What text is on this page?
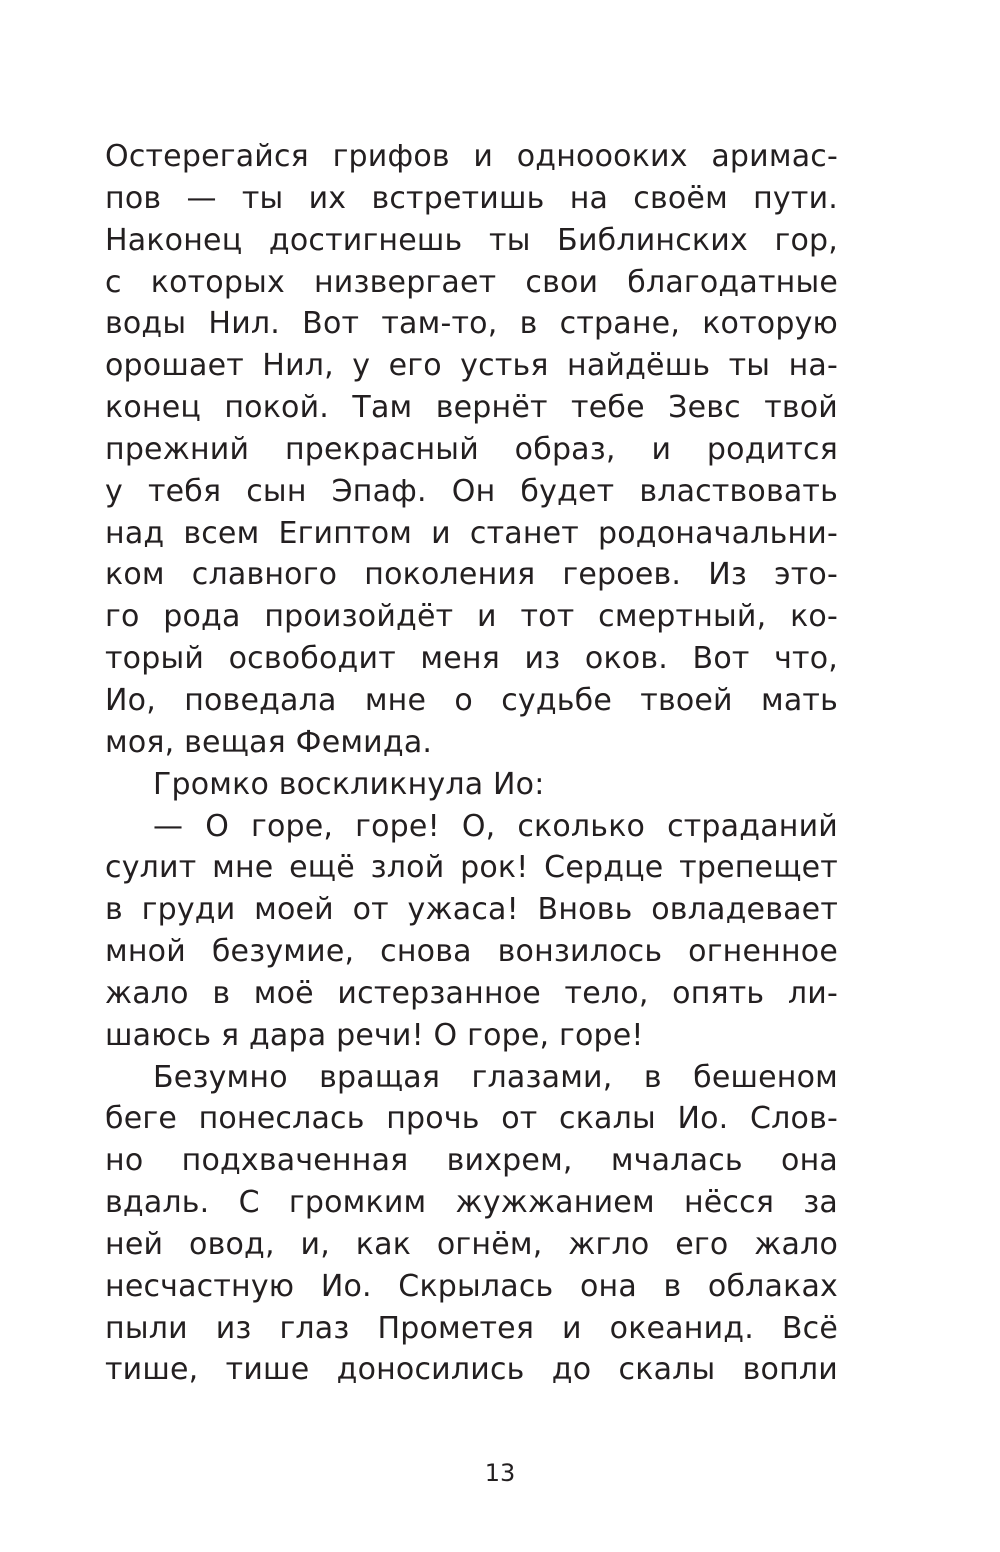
Остерегайся грифов и одноооких аримас-
пов — ты их встретишь на своём пути.
Наконец достигнешь ты Библинских гор,
с которых низвергает свои благодатные
воды Нил. Вот там-то, в стране, которую
орошает Нил, у его устья найдёшь ты на-
конец покой. Там вернёт тебе Зевс твой
прежний прекрасный образ, и родится
у тебя сын Эпаф. Он будет властвовать
над всем Египтом и станет родоначальни-
ком славного поколения героев. Из это-
го рода произойдёт и тот смертный, ко-
торый освободит меня из оков. Вот что,
Ио, поведала мне о судьбе твоей мать
моя, вещая Фемида.
Громко воскликнула Ио:
— О горе, горе! О, сколько страданий
сулит мне ещё злой рок! Сердце трепещет
в груди моей от ужаса! Вновь овладевает
мной безумие, снова вонзилось огненное
жало в моё истерзанное тело, опять ли-
шаюсь я дара речи! О горе, горе!
Безумно вращая глазами, в бешеном
беге понеслась прочь от скалы Ио. Слов-
но подхваченная вихрем, мчалась она
вдаль. С громким жужжанием нёсся за
ней овод, и, как огнём, жгло его жало
несчастную Ио. Скрылась она в облаках
пыли из глаз Прометея и океанид. Всё
тише, тише доносились до скалы вопли
13
